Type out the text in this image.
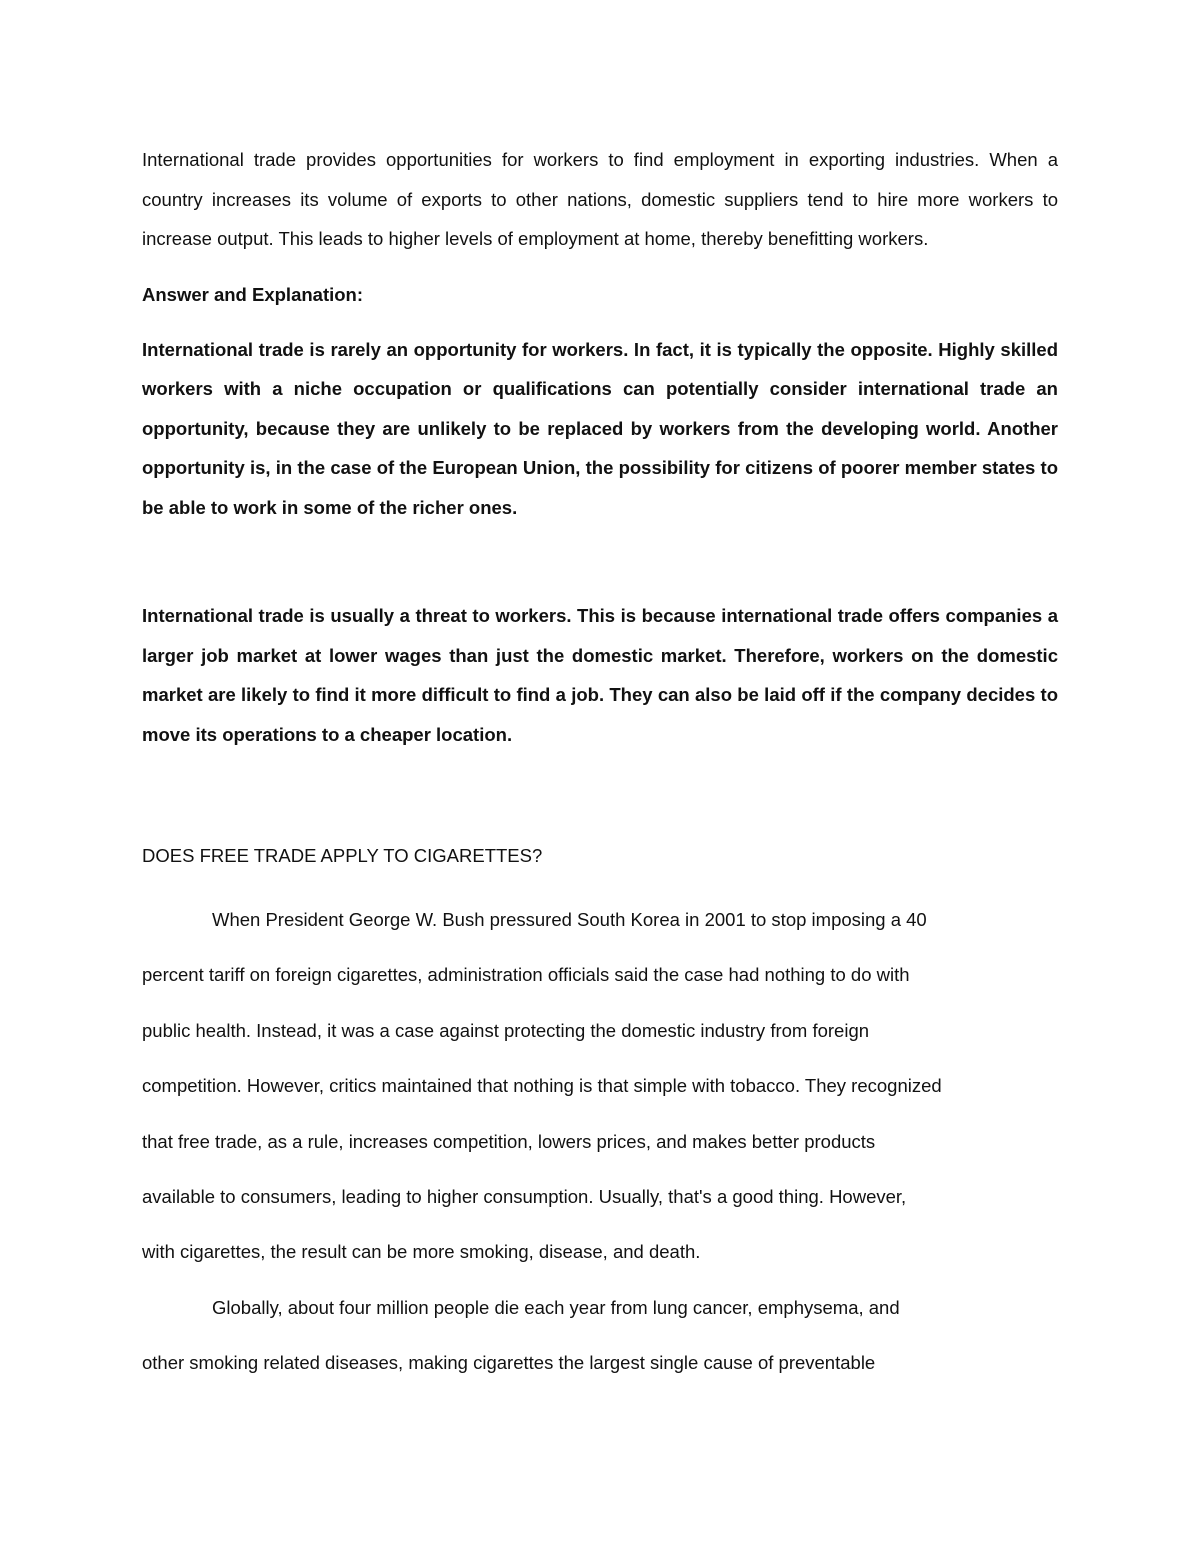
International trade provides opportunities for workers to find employment in exporting industries. When a country increases its volume of exports to other nations, domestic suppliers tend to hire more workers to increase output. This leads to higher levels of employment at home, thereby benefitting workers.

Answer and Explanation:

International trade is rarely an opportunity for workers. In fact, it is typically the opposite. Highly skilled workers with a niche occupation or qualifications can potentially consider international trade an opportunity, because they are unlikely to be replaced by workers from the developing world. Another opportunity is, in the case of the European Union, the possibility for citizens of poorer member states to be able to work in some of the richer ones.

International trade is usually a threat to workers. This is because international trade offers companies a larger job market at lower wages than just the domestic market. Therefore, workers on the domestic market are likely to find it more difficult to find a job. They can also be laid off if the company decides to move its operations to a cheaper location.

DOES FREE TRADE APPLY TO CIGARETTES?

When President George W. Bush pressured South Korea in 2001 to stop imposing a 40 percent tariff on foreign cigarettes, administration officials said the case had nothing to do with public health. Instead, it was a case against protecting the domestic industry from foreign competition. However, critics maintained that nothing is that simple with tobacco. They recognized that free trade, as a rule, increases competition, lowers prices, and makes better products available to consumers, leading to higher consumption. Usually, that's a good thing. However, with cigarettes, the result can be more smoking, disease, and death.

Globally, about four million people die each year from lung cancer, emphysema, and other smoking related diseases, making cigarettes the largest single cause of preventable
